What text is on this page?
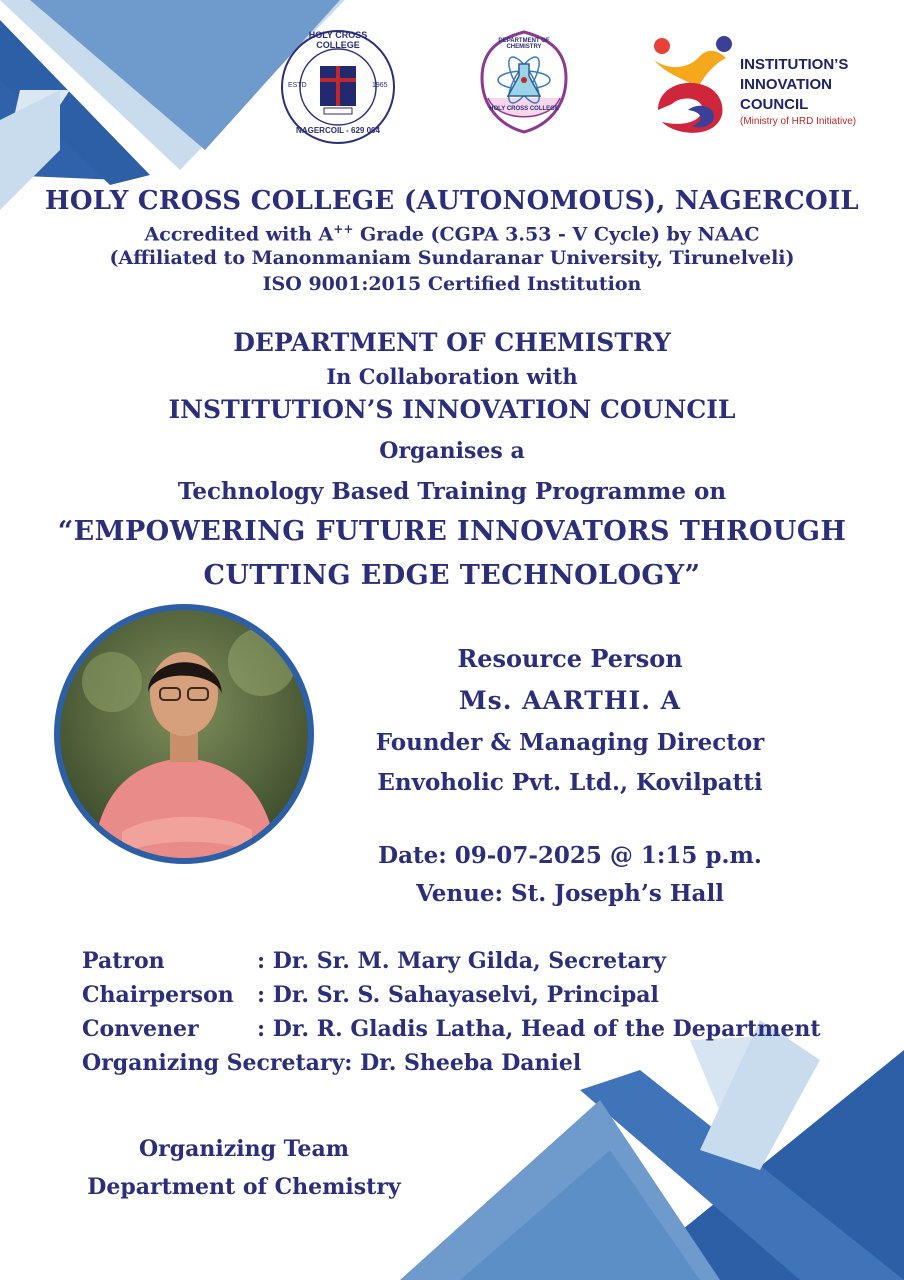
HOLY CROSS COLLEGE
ESTD	1965
NAGERCOIL - 629 004
DEPARTMENT OF CHEMISTRY
HOLY CROSS COLLEGE
INSTITUTION’S
INNOVATION
COUNCIL
(Ministry of HRD Initiative)
HOLY CROSS COLLEGE (AUTONOMOUS), NAGERCOIL
Accredited with A++ Grade (CGPA 3.53 - V Cycle) by NAAC
(Affiliated to Manonmaniam Sundaranar University, Tirunelveli)
ISO 9001:2015 Certified Institution
DEPARTMENT OF CHEMISTRY
In Collaboration with
INSTITUTION’S INNOVATION COUNCIL
Organises a
Technology Based Training Programme on
“EMPOWERING FUTURE INNOVATORS THROUGH
CUTTING EDGE TECHNOLOGY”
Resource Person
Ms. AARTHI. A
Founder & Managing Director
Envoholic Pvt. Ltd., Kovilpatti
Date: 09-07-2025 @ 1:15 p.m.
Venue: St. Joseph’s Hall
Patron	: Dr. Sr. M. Mary Gilda, Secretary
Chairperson : Dr. Sr. S. Sahayaselvi, Principal
Convener	: Dr. R. Gladis Latha, Head of the Department
Organizing Secretary: Dr. Sheeba Daniel
Organizing Team
Department of Chemistry
